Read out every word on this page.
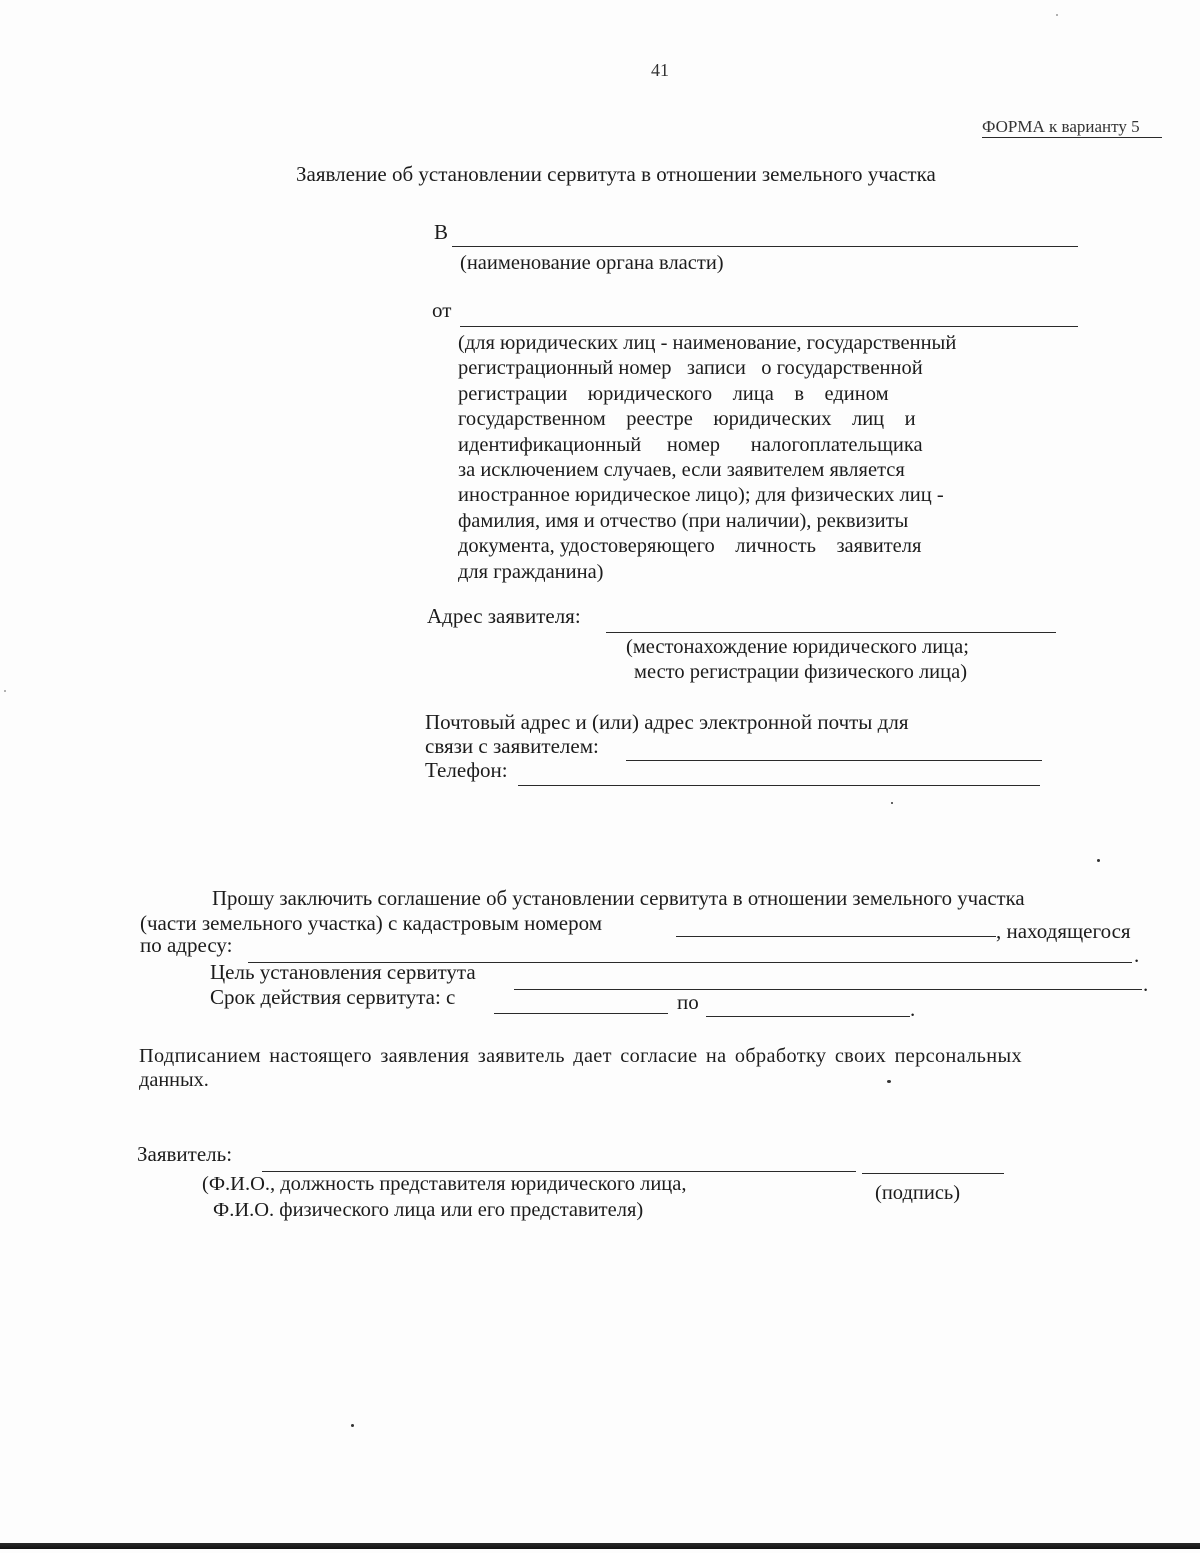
41
ФОРМА к варианту 5
Заявление об установлении сервитута в отношении земельного участка
В
(наименование органа власти)
от
(для юридических лиц - наименование, государственный
регистрационный номер   записи   о государственной
регистрации    юридического    лица    в    едином
государственном    реестре    юридических    лиц    и
идентификационный     номер      налогоплательщика
за исключением случаев, если заявителем является
иностранное юридическое лицо); для физических лиц -
фамилия, имя и отчество (при наличии), реквизиты
документа, удостоверяющего    личность    заявителя
для гражданина)
Адрес заявителя:
(местонахождение юридического лица;
место регистрации физического лица)
Почтовый адрес и (или) адрес электронной почты для
связи с заявителем:
Телефон:
Прошу заключить соглашение об установлении сервитута в отношении земельного участка
(части земельного участка) с кадастровым номером	, находящегося
по адресу:	.
Цель установления сервитута	.
Срок действия сервитута: с	по	.
Подписанием настоящего заявления заявитель дает согласие на обработку своих персональных
данных.
Заявитель:
(Ф.И.О., должность представителя юридического лица,	(подпись)
Ф.И.О. физического лица или его представителя)
